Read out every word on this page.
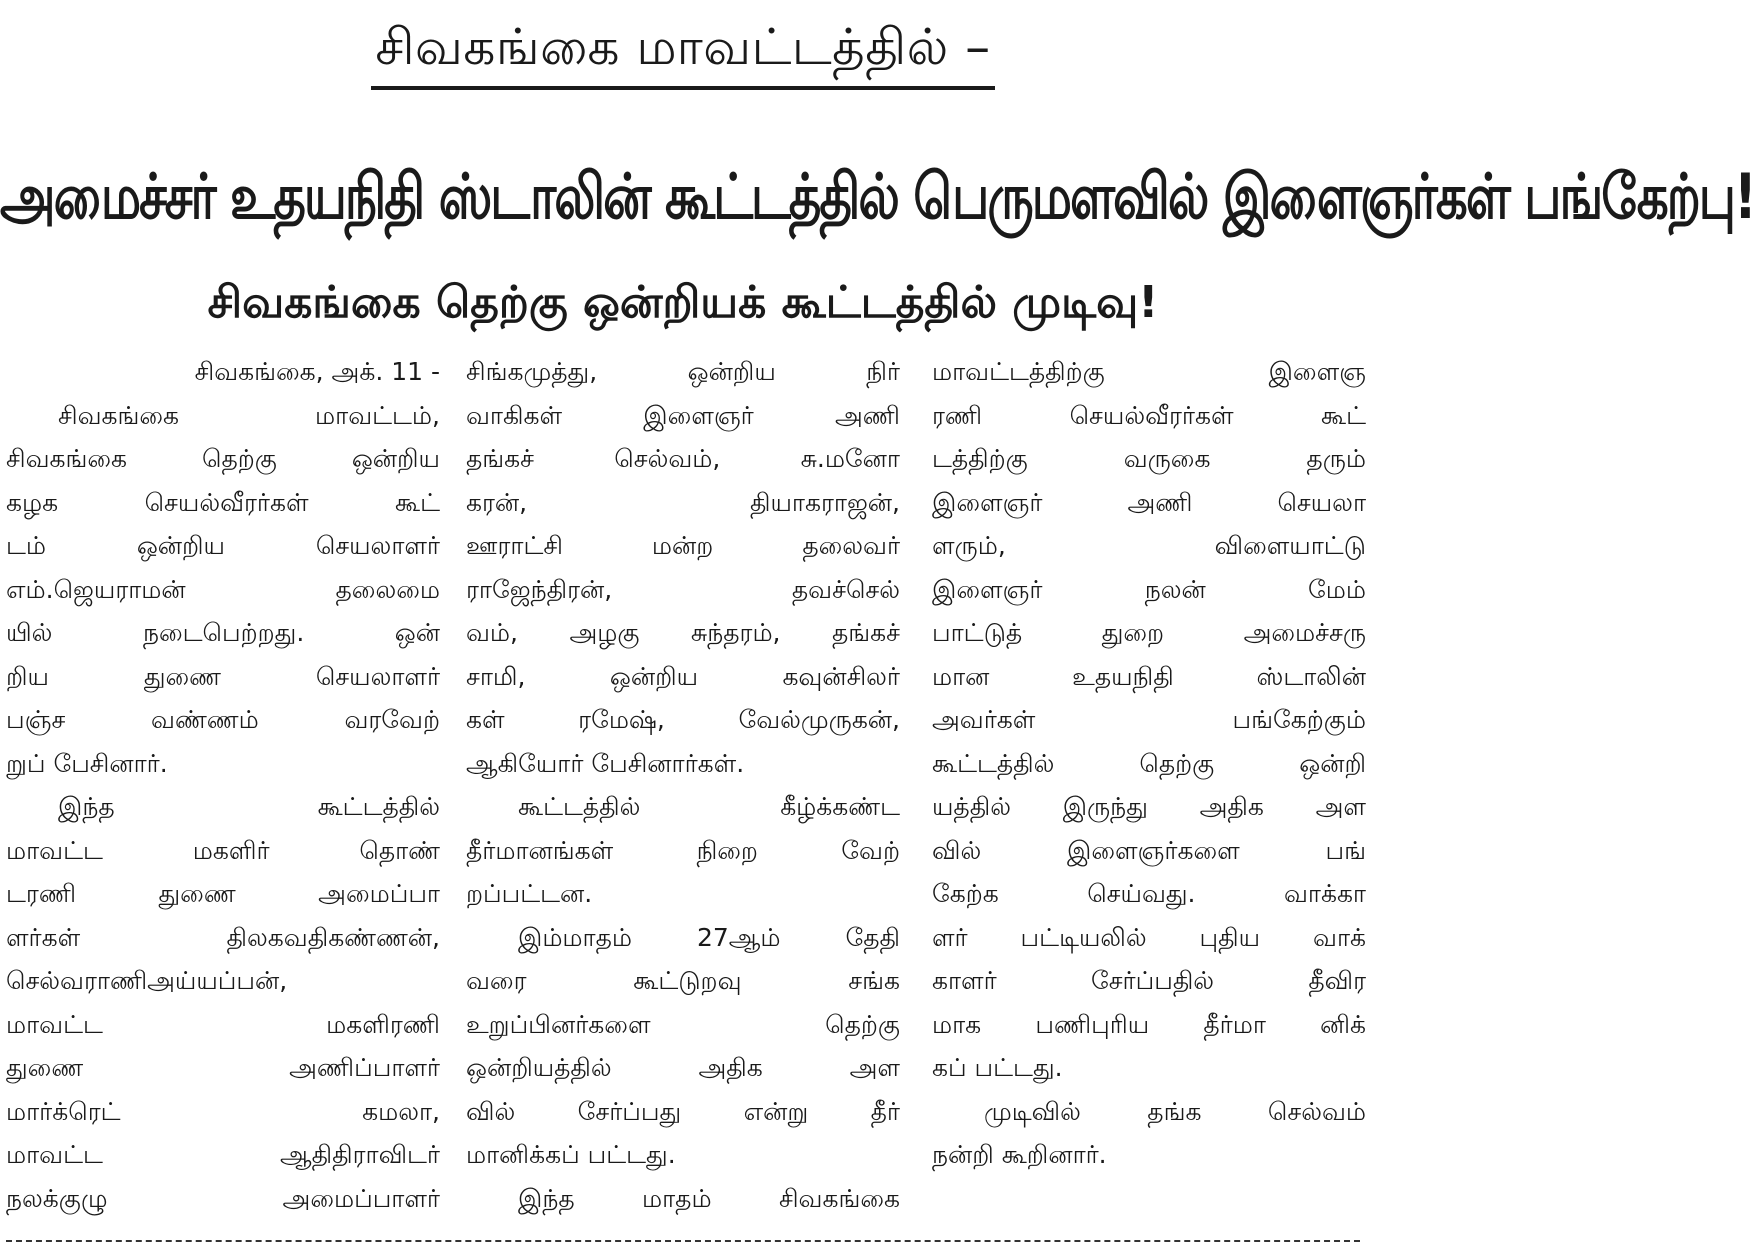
சிவகங்கை மாவட்டத்தில் –
அமைச்சர் உதயநிதி ஸ்டாலின் கூட்டத்தில் பெருமளவில் இளைஞர்கள் பங்கேற்பு!
சிவகங்கை தெற்கு ஒன்றியக் கூட்டத்தில் முடிவு!
சிவகங்கை, அக். 11 -
சிவகங்கை மாவட்டம்,
சிவகங்கை தெற்கு ஒன்றிய
கழக செயல்வீரர்கள் கூட்
டம் ஒன்றிய செயலாளர்
எம்.ஜெயராமன் தலைமை
யில் நடைபெற்றது. ஒன்
றிய துணை செயலாளர்
பஞ்ச வண்ணம் வரவேற்
றுப் பேசினார்.
இந்த கூட்டத்தில்
மாவட்ட மகளிர் தொண்
டரணி துணை அமைப்பா
ளர்கள் திலகவதிகண்ணன்,
செல்வராணிஅய்யப்பன்,
மாவட்ட மகளிரணி
துணை அணிப்பாளர்
மார்க்ரெட் கமலா,
மாவட்ட ஆதிதிராவிடர்
நலக்குழு அமைப்பாளர்
சிங்கமுத்து, ஒன்றிய நிர்
வாகிகள் இளைஞர் அணி
தங்கச் செல்வம், சு.மனோ
கரன், தியாகராஜன்,
ஊராட்சி மன்ற தலைவர்
ராஜேந்திரன், தவச்செல்
வம், அழகு சுந்தரம், தங்கச்
சாமி, ஒன்றிய கவுன்சிலர்
கள் ரமேஷ், வேல்முருகன்,
ஆகியோர் பேசினார்கள்.
கூட்டத்தில் கீழ்க்கண்ட
தீர்மானங்கள் நிறை வேற்
றப்பட்டன.
இம்மாதம் 27ஆம் தேதி
வரை கூட்டுறவு சங்க
உறுப்பினர்களை தெற்கு
ஒன்றியத்தில் அதிக அள
வில் சேர்ப்பது என்று தீர்
மானிக்கப் பட்டது.
இந்த மாதம் சிவகங்கை
மாவட்டத்திற்கு இளைஞ
ரணி செயல்வீரர்கள் கூட்
டத்திற்கு வருகை தரும்
இளைஞர் அணி செயலா
ளரும், விளையாட்டு
இளைஞர் நலன் மேம்
பாட்டுத் துறை அமைச்சரு
மான உதயநிதி ஸ்டாலின்
அவர்கள் பங்கேற்கும்
கூட்டத்தில் தெற்கு ஒன்றி
யத்தில் இருந்து அதிக அள
வில் இளைஞர்களை பங்
கேற்க செய்வது. வாக்கா
ளர் பட்டியலில் புதிய வாக்
காளர் சேர்ப்பதில் தீவிர
மாக பணிபுரிய தீர்மா னிக்
கப் பட்டது.
முடிவில் தங்க செல்வம்
நன்றி கூறினார்.
